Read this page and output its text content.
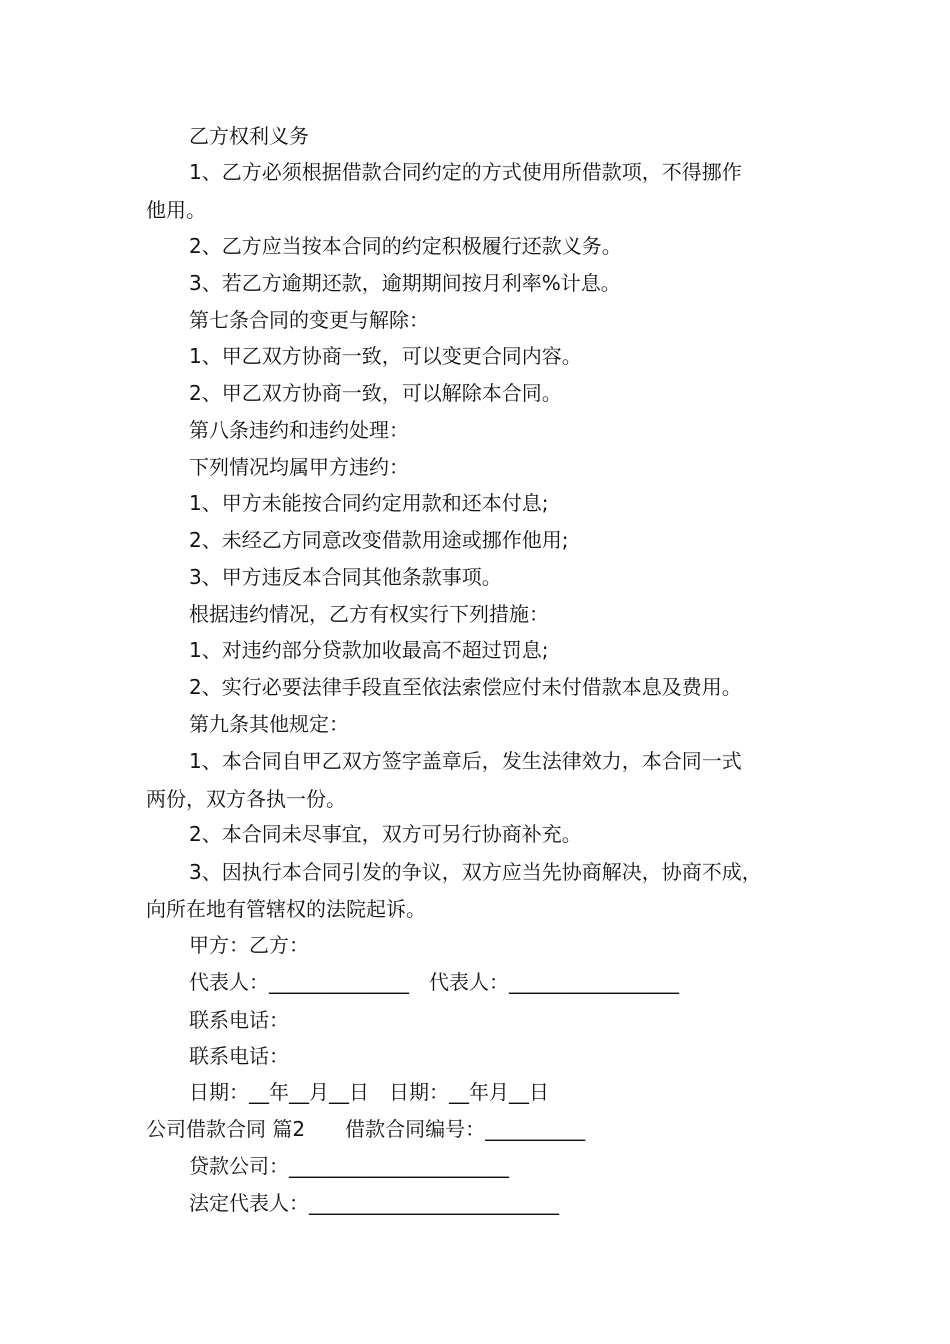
乙方权利义务
1、乙方必须根据借款合同约定的方式使用所借款项，不得挪作
他用。
2、乙方应当按本合同的约定积极履行还款义务。
3、若乙方逾期还款，逾期期间按月利率%计息。
第七条合同的变更与解除：
1、甲乙双方协商一致，可以变更合同内容。
2、甲乙双方协商一致，可以解除本合同。
第八条违约和违约处理：
下列情况均属甲方违约：
1、甲方未能按合同约定用款和还本付息;
2、未经乙方同意改变借款用途或挪作他用;
3、甲方违反本合同其他条款事项。
根据违约情况，乙方有权实行下列措施：
1、对违约部分贷款加收最高不超过罚息;
2、实行必要法律手段直至依法索偿应付未付借款本息及费用。
第九条其他规定：
1、本合同自甲乙双方签字盖章后，发生法律效力，本合同一式
两份，双方各执一份。
2、本合同未尽事宜，双方可另行协商补充。
3、因执行本合同引发的争议，双方应当先协商解决，协商不成，
向所在地有管辖权的法院起诉。
甲方：乙方：
代表人：______________　代表人：_________________
联系电话：
联系电话：
日期：__年__月__日　日期：__年月__日
公司借款合同 篇2　　借款合同编号：__________
贷款公司：______________________
法定代表人：_________________________
